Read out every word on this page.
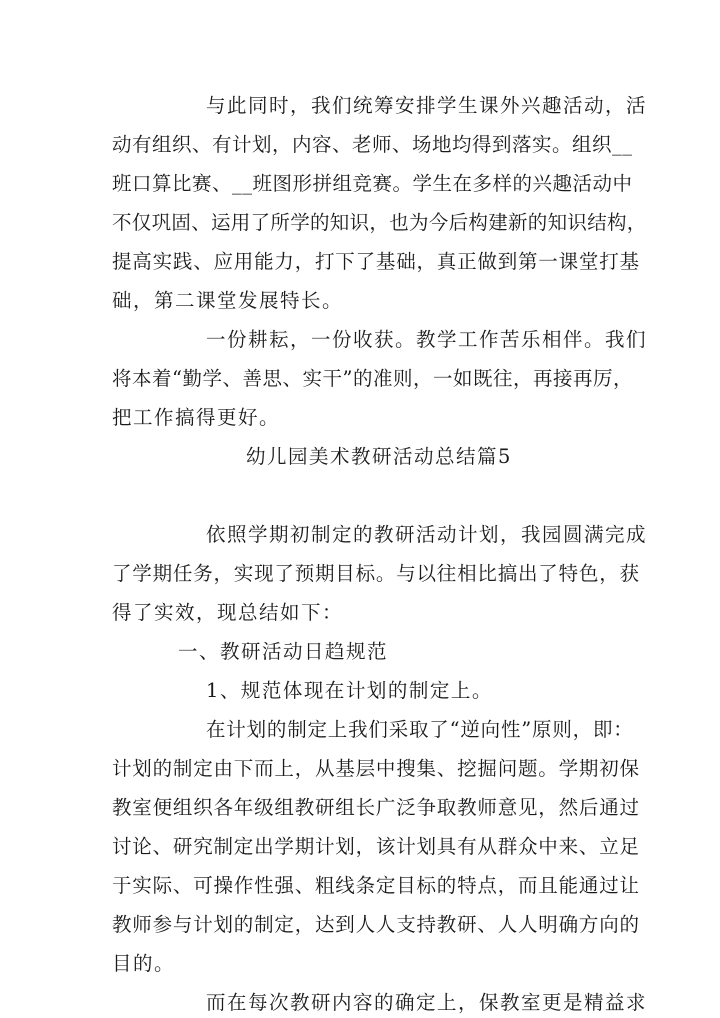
与此同时，我们统筹安排学生课外兴趣活动，活
动有组织、有计划，内容、老师、场地均得到落实。组织__
班口算比赛、__班图形拼组竞赛。学生在多样的兴趣活动中
不仅巩固、运用了所学的知识，也为今后构建新的知识结构，
提高实践、应用能力，打下了基础，真正做到第一课堂打基
础，第二课堂发展特长。
一份耕耘，一份收获。教学工作苦乐相伴。我们
将本着“勤学、善思、实干”的准则，一如既往，再接再厉，
把工作搞得更好。
幼儿园美术教研活动总结篇5
依照学期初制定的教研活动计划，我园圆满完成
了学期任务，实现了预期目标。与以往相比搞出了特色，获
得了实效，现总结如下：
一、教研活动日趋规范
1、规范体现在计划的制定上。
在计划的制定上我们采取了“逆向性”原则，即：
计划的制定由下而上，从基层中搜集、挖掘问题。学期初保
教室便组织各年级组教研组长广泛争取教师意见，然后通过
讨论、研究制定出学期计划，该计划具有从群众中来、立足
于实际、可操作性强、粗线条定目标的特点，而且能通过让
教师参与计划的制定，达到人人支持教研、人人明确方向的
目的。
而在每次教研内容的确定上，保教室更是精益求
